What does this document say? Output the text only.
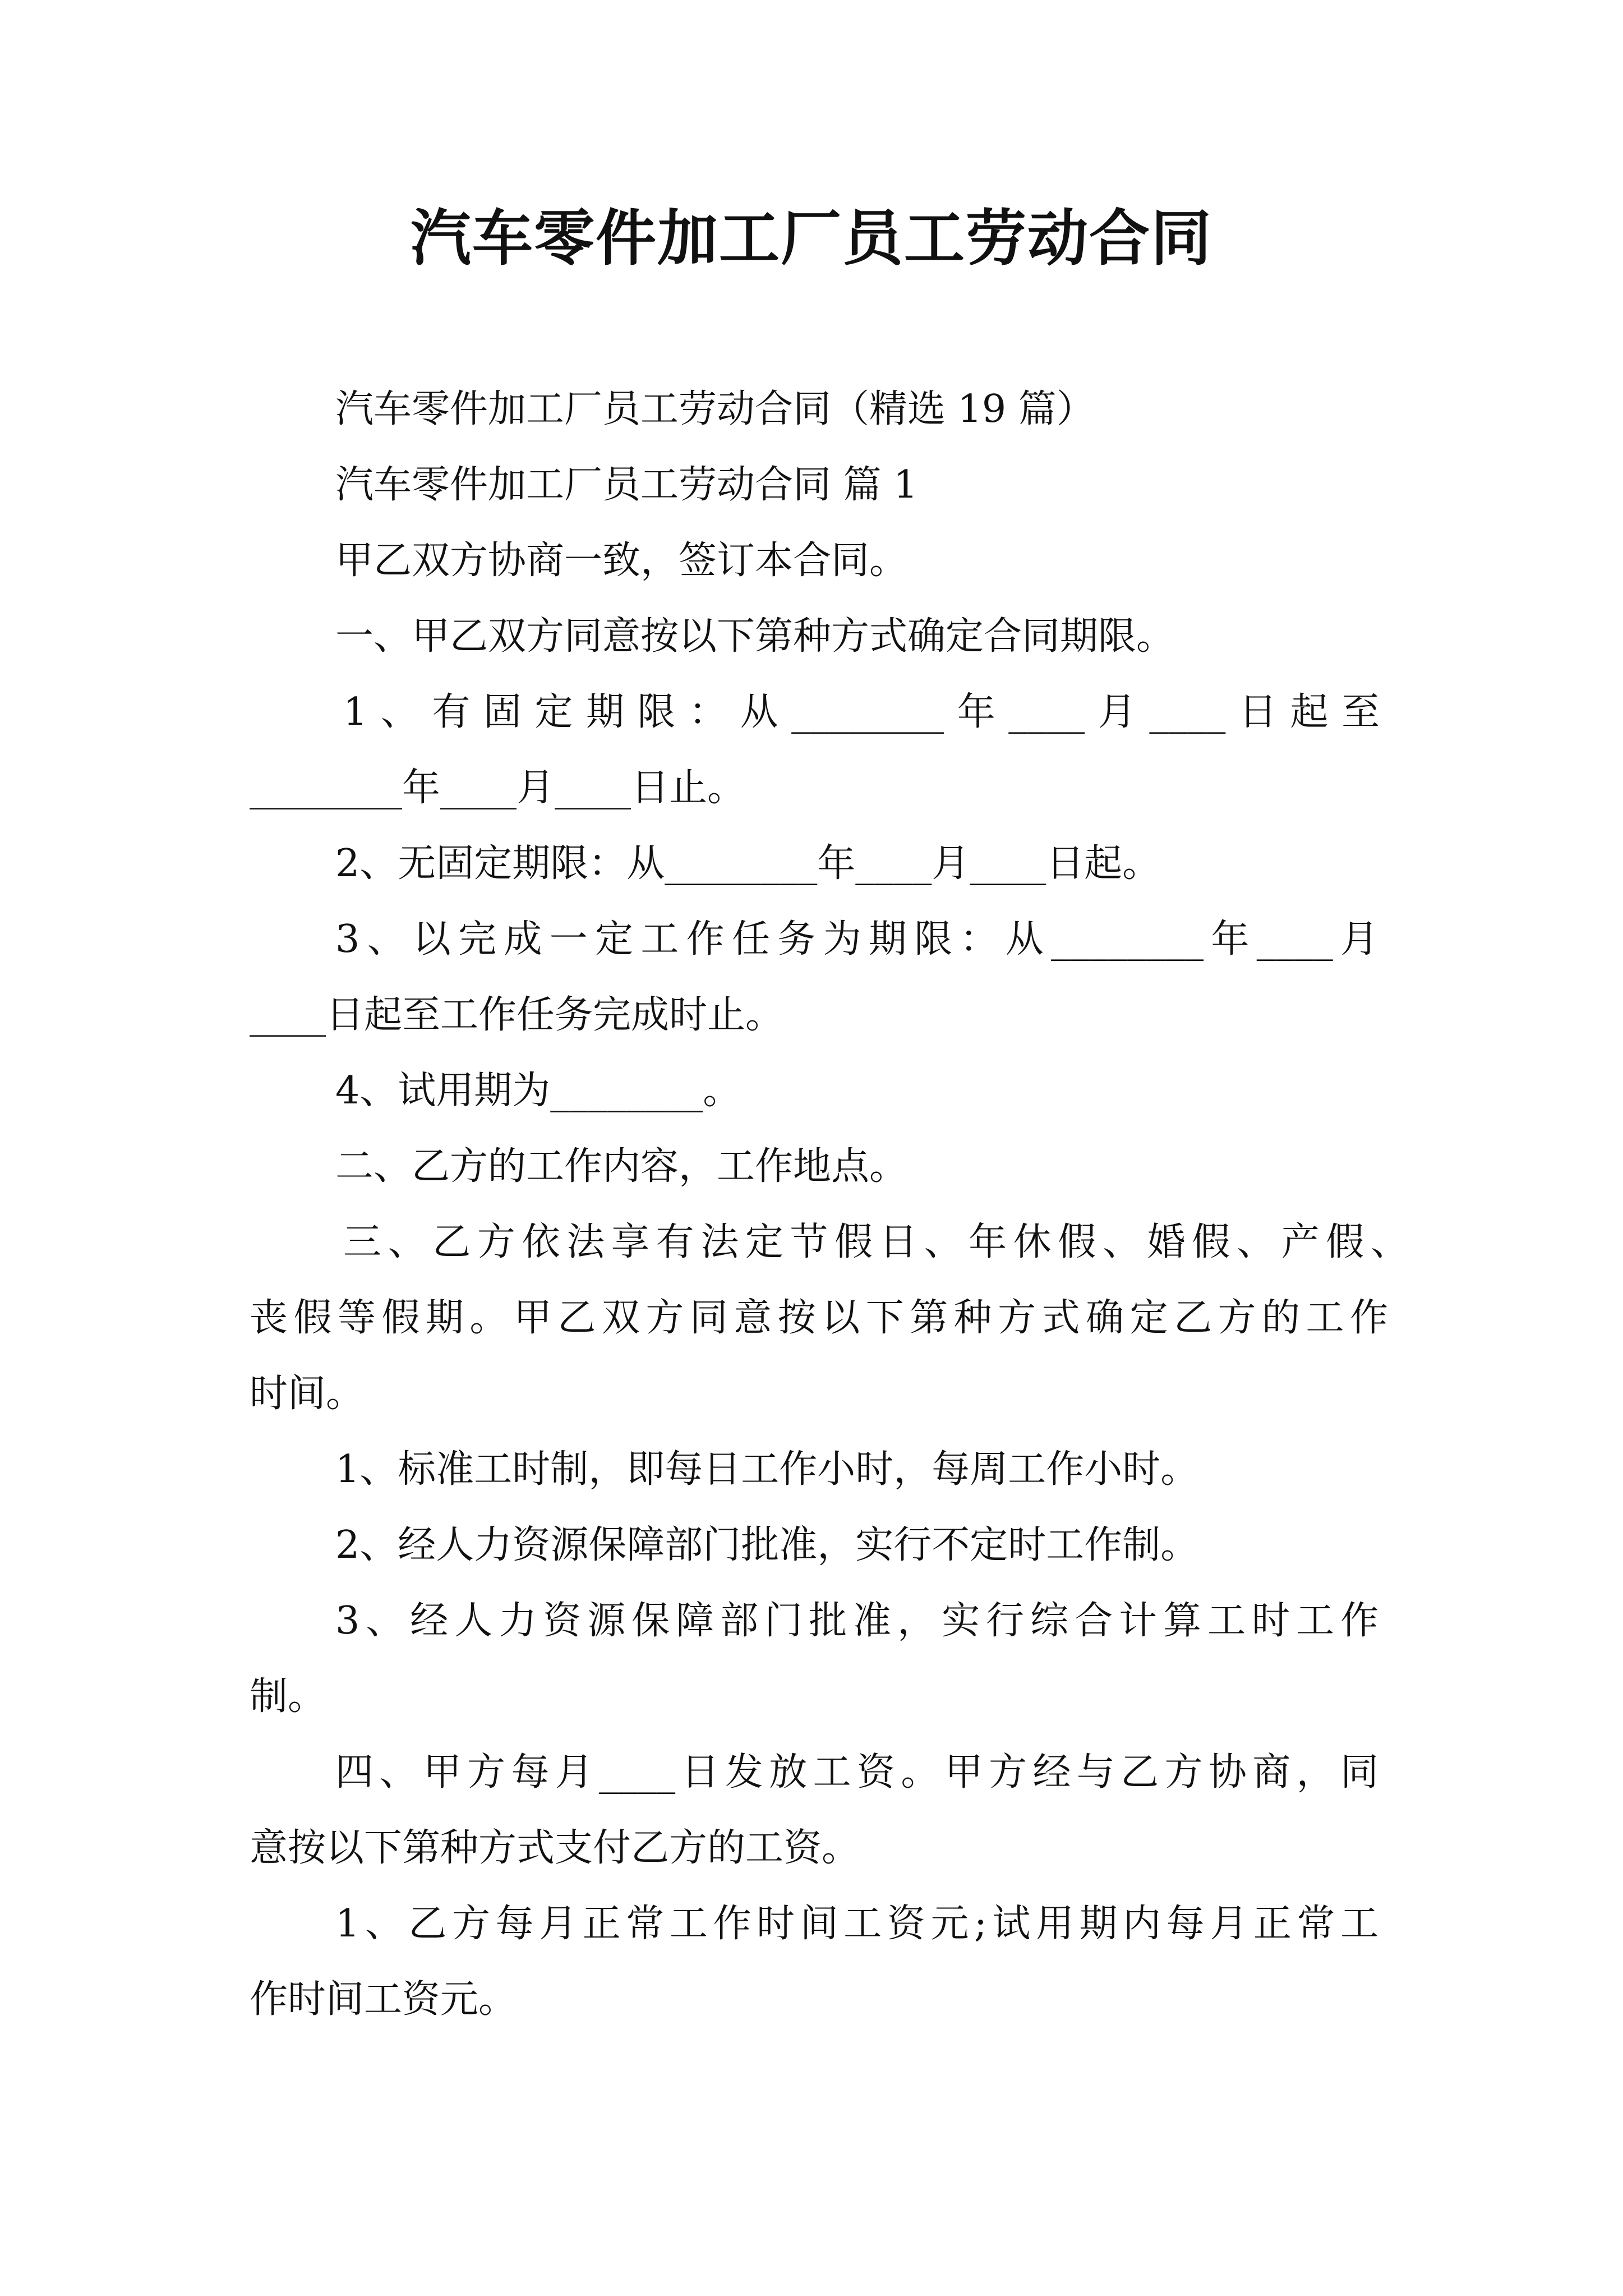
汽车零件加工厂员工劳动合同
汽车零件加工厂员工劳动合同（精选 19 篇）
汽车零件加工厂员工劳动合同 篇 1
甲乙双方协商一致，签订本合同。
一、甲乙双方同意按以下第种方式确定合同期限。
1、有固定期限：从________年____月____日起至
________年____月____日止。
2、无固定期限：从________年____月____日起。
3、以完成一定工作任务为期限：从________年____月
____日起至工作任务完成时止。
4、试用期为________。
二、乙方的工作内容，工作地点。
三、乙方依法享有法定节假日、年休假、婚假、产假、
丧假等假期。甲乙双方同意按以下第种方式确定乙方的工作
时间。
1、标准工时制，即每日工作小时，每周工作小时。
2、经人力资源保障部门批准，实行不定时工作制。
3、经人力资源保障部门批准，实行综合计算工时工作
制。
四、甲方每月____日发放工资。甲方经与乙方协商，同
意按以下第种方式支付乙方的工资。
1、乙方每月正常工作时间工资元;试用期内每月正常工
作时间工资元。
